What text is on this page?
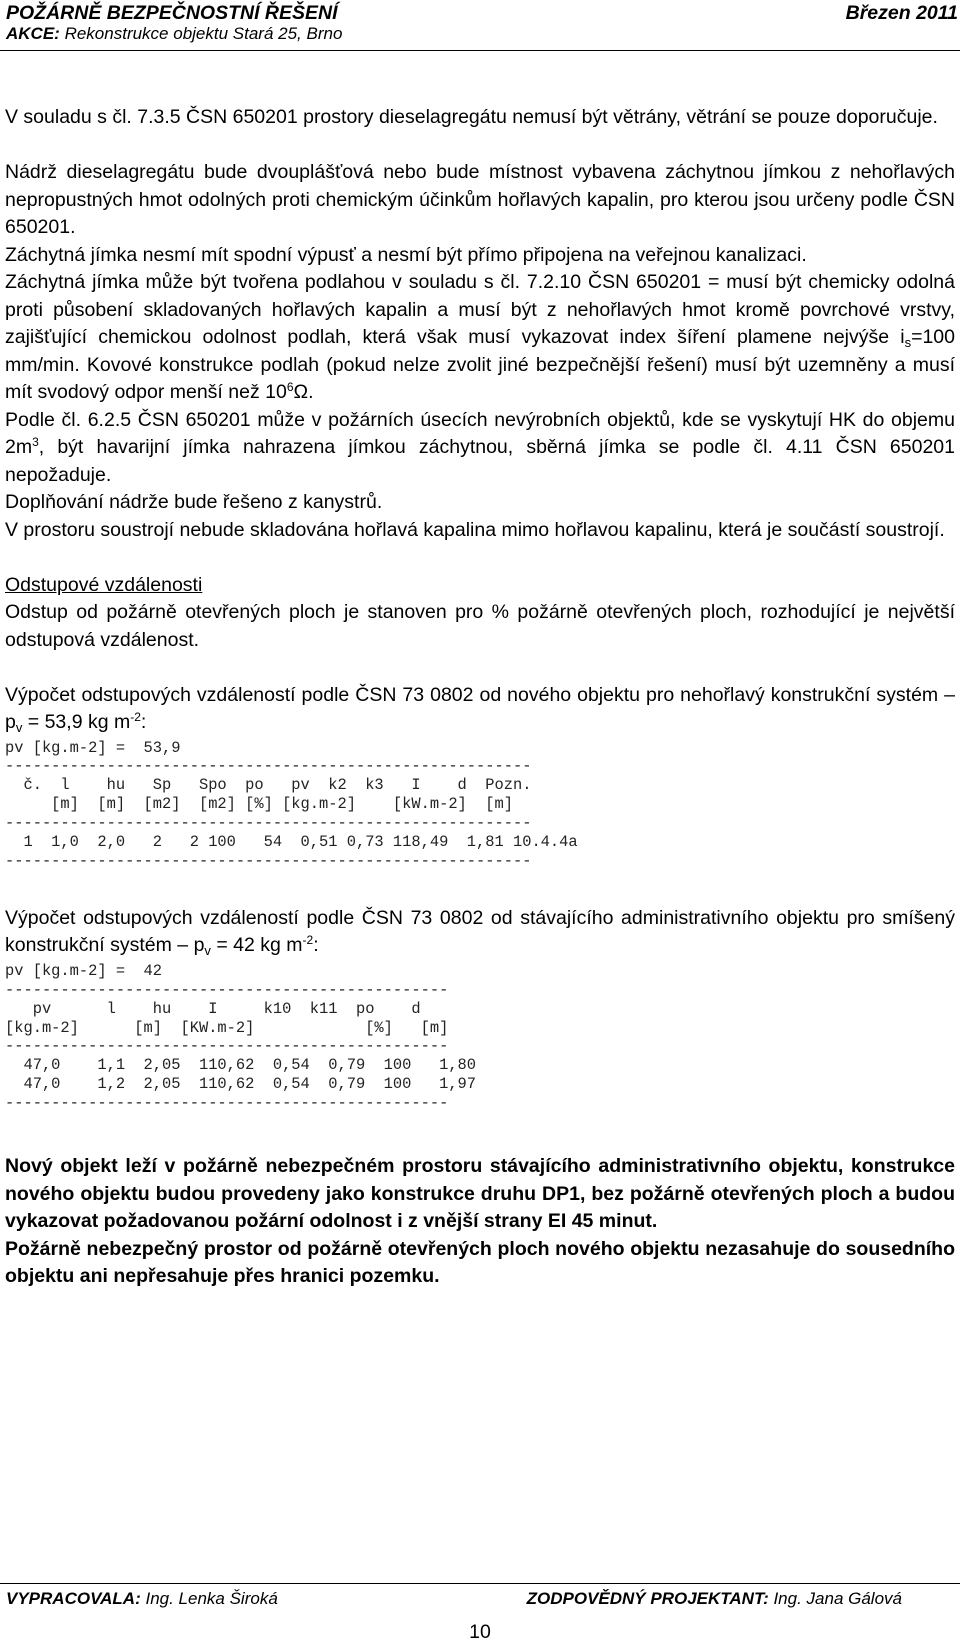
POŽÁRNĚ BEZPEČNOSTNÍ ŘEŠENÍ	Březen 2011
AKCE: Rekonstrukce objektu Stará 25, Brno

V souladu s čl. 7.3.5 ČSN 650201 prostory dieselagregátu nemusí být větrány, větrání se pouze doporučuje.

Nádrž dieselagregátu bude dvouplášťová nebo bude místnost vybavena záchytnou jímkou z nehořlavých nepropustných hmot odolných proti chemickým účinkům hořlavých kapalin, pro kterou jsou určeny podle ČSN 650201.

Záchytná jímka nesmí mít spodní výpusť a nesmí být přímo připojena na veřejnou kanalizaci.

Záchytná jímka může být tvořena podlahou v souladu s čl. 7.2.10 ČSN 650201 = musí být chemicky odolná proti působení skladovaných hořlavých kapalin a musí být z nehořlavých hmot kromě povrchové vrstvy, zajišťující chemickou odolnost podlah, která však musí vykazovat index šíření plamene nejvýše $i_s=100$ mm/min. Kovové konstrukce podlah (pokud nelze zvolit jiné bezpečnější řešení) musí být uzemněny a musí mít svodový odpor menší než $10^6\Omega$.

Podle čl. 6.2.5 ČSN 650201 může v požárních úsecích nevýrobních objektů, kde se vyskytují HK do objemu $2m^3$, být havarijní jímka nahrazena jímkou záchytnou, sběrná jímka se podle čl. 4.11 ČSN 650201 nepožaduje.

Doplňování nádrže bude řešeno z kanystrů.

V prostoru soustrojí nebude skladována hořlavá kapalina mimo hořlavou kapalinu, která je součástí soustrojí.

Odstupové vzdálenosti

Odstup od požárně otevřených ploch je stanoven pro % požárně otevřených ploch, rozhodující je největší odstupová vzdálenost.

Výpočet odstupových vzdáleností podle ČSN 73 0802 od nového objektu pro nehořlavý konstrukční systém – $p_v = 53,9$ kg $m^{-2}$:

pv [kg.m-2] =  53,9
---------------------------------------------------------
č.  l    hu   Sp   Spo  po   pv  k2  k3   I    d  Pozn.
[m]  [m]  [m2]  [m2] [%] [kg.m-2]    [kW.m-2]  [m]
---------------------------------------------------------
1  1,0  2,0   2   2 100   54  0,51 0,73 118,49  1,81 10.4.4a
---------------------------------------------------------

Výpočet odstupových vzdáleností podle ČSN 73 0802 od stávajícího administrativního objektu pro smíšený konstrukční systém – $p_v = 42$ kg $m^{-2}$:

pv [kg.m-2] =  42
------------------------------------------------
pv      l    hu    I     k10  k11  po    d
[kg.m-2]      [m]  [KW.m-2]            [%]   [m]
------------------------------------------------
47,0    1,1  2,05  110,62  0,54  0,79  100   1,80
47,0    1,2  2,05  110,62  0,54  0,79  100   1,97
------------------------------------------------

Nový objekt leží v požárně nebezpečném prostoru stávajícího administrativního objektu, konstrukce nového objektu budou provedeny jako konstrukce druhu DP1, bez požárně otevřených ploch a budou vykazovat požadovanou požární odolnost i z vnější strany EI 45 minut.

Požárně nebezpečný prostor od požárně otevřených ploch nového objektu nezasahuje do sousedního objektu ani nepřesahuje přes hranici pozemku.

VYPRACOVALA: Ing. Lenka Široká	ZODPOVĚDNÝ PROJEKTANT: Ing. Jana Gálová
10
